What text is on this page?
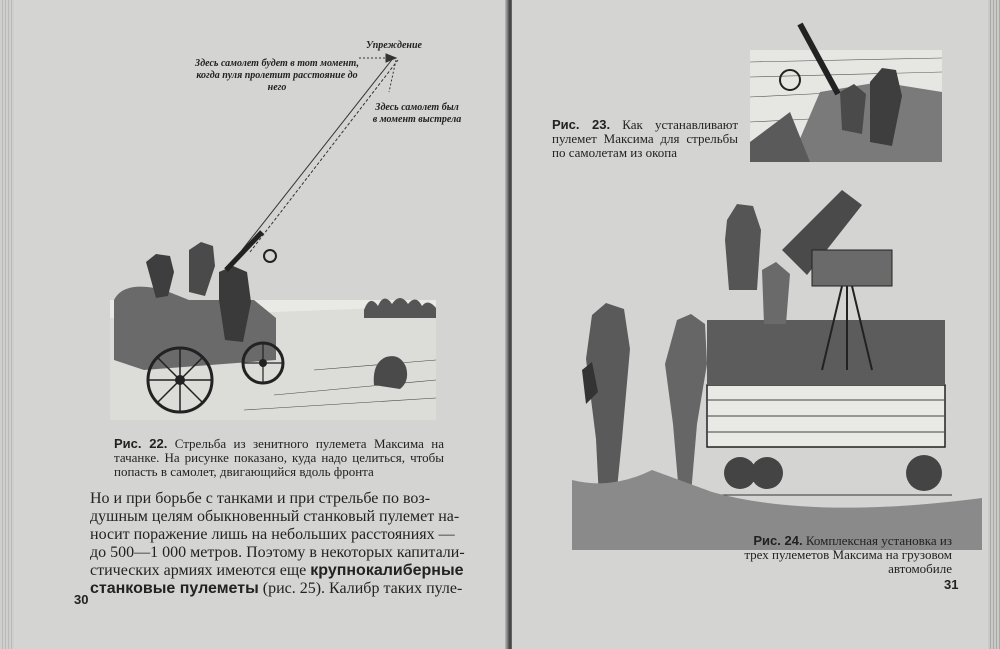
Упреждение
Здесь самолет будет в тот момент, когда пуля пролетит расстояние до него
Здесь самолет был в момент выстрела
Рис. 22. Стрельба из зенитного пулемета Максима на тачанке. На рисунке показано, куда надо целиться, чтобы попасть в самолет, двигающийся вдоль фронта
Но и при борьбе с танками и при стрельбе по воз-
душным целям обыкновенный станковый пулемет на-
носит поражение лишь на небольших расстояниях —
до 500—1 000 метров. Поэтому в некоторых капитали-
стических армиях имеются еще крупнокалиберные
станковые пулеметы (рис. 25). Калибр таких пуле-
30
Рис. 23. Как устанавливают пулемет Максима для стрельбы по самолетам из окопа
Рис. 24. Комплексная установка из трех пулеметов Максима на грузовом автомобиле
31
